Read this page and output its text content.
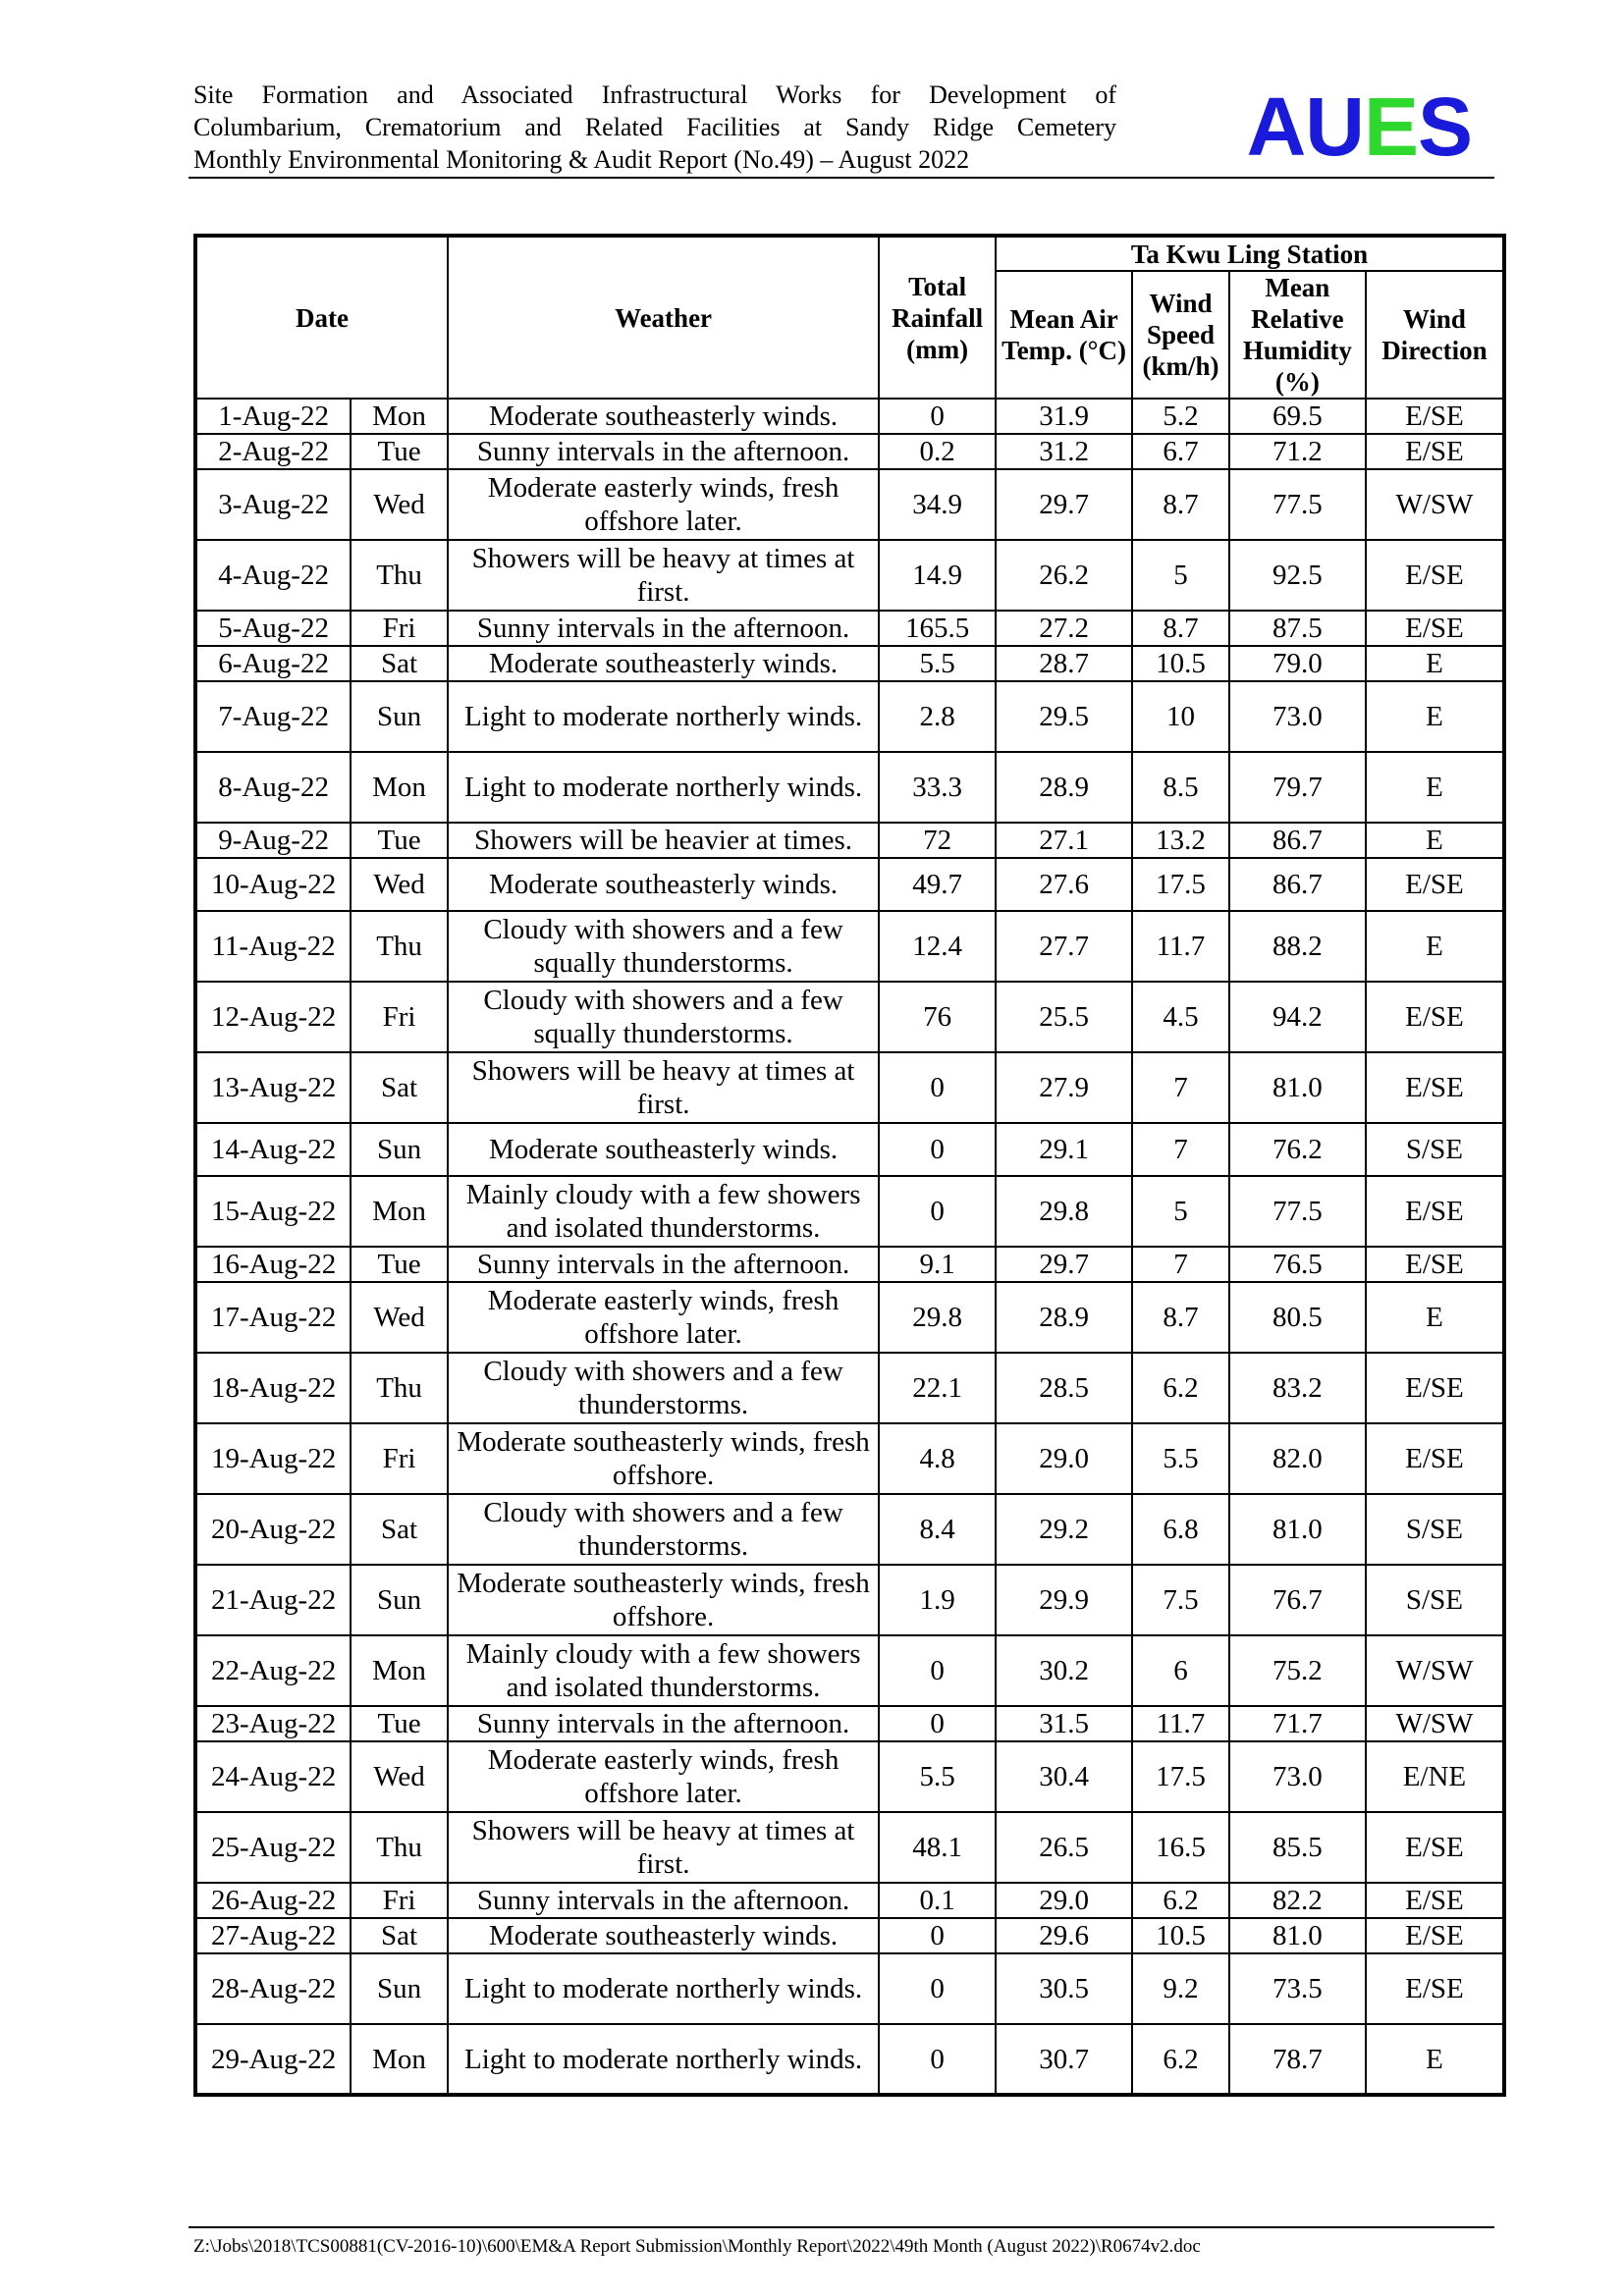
Site Formation and Associated Infrastructural Works for Development of
Columbarium, Crematorium and Related Facilities at Sandy Ridge Cemetery
Monthly Environmental Monitoring & Audit Report (No.49) – August 2022	AUES
Date		Weather	Total Rainfall (mm)	Ta Kwu Ling Station			
				Mean Air Temp. (°C)	Wind Speed (km/h)	Mean Relative Humidity (%)	Wind Direction
1-Aug-22	Mon	Moderate southeasterly winds.	0	31.9	5.2	69.5	E/SE
2-Aug-22	Tue	Sunny intervals in the afternoon.	0.2	31.2	6.7	71.2	E/SE
3-Aug-22	Wed	Moderate easterly winds, fresh offshore later.	34.9	29.7	8.7	77.5	W/SW
4-Aug-22	Thu	Showers will be heavy at times at first.	14.9	26.2	5	92.5	E/SE
5-Aug-22	Fri	Sunny intervals in the afternoon.	165.5	27.2	8.7	87.5	E/SE
6-Aug-22	Sat	Moderate southeasterly winds.	5.5	28.7	10.5	79.0	E
7-Aug-22	Sun	Light to moderate northerly winds.	2.8	29.5	10	73.0	E
8-Aug-22	Mon	Light to moderate northerly winds.	33.3	28.9	8.5	79.7	E
9-Aug-22	Tue	Showers will be heavier at times.	72	27.1	13.2	86.7	E
10-Aug-22	Wed	Moderate southeasterly winds.	49.7	27.6	17.5	86.7	E/SE
11-Aug-22	Thu	Cloudy with showers and a few squally thunderstorms.	12.4	27.7	11.7	88.2	E
12-Aug-22	Fri	Cloudy with showers and a few squally thunderstorms.	76	25.5	4.5	94.2	E/SE
13-Aug-22	Sat	Showers will be heavy at times at first.	0	27.9	7	81.0	E/SE
14-Aug-22	Sun	Moderate southeasterly winds.	0	29.1	7	76.2	S/SE
15-Aug-22	Mon	Mainly cloudy with a few showers and isolated thunderstorms.	0	29.8	5	77.5	E/SE
16-Aug-22	Tue	Sunny intervals in the afternoon.	9.1	29.7	7	76.5	E/SE
17-Aug-22	Wed	Moderate easterly winds, fresh offshore later.	29.8	28.9	8.7	80.5	E
18-Aug-22	Thu	Cloudy with showers and a few thunderstorms.	22.1	28.5	6.2	83.2	E/SE
19-Aug-22	Fri	Moderate southeasterly winds, fresh offshore.	4.8	29.0	5.5	82.0	E/SE
20-Aug-22	Sat	Cloudy with showers and a few thunderstorms.	8.4	29.2	6.8	81.0	S/SE
21-Aug-22	Sun	Moderate southeasterly winds, fresh offshore.	1.9	29.9	7.5	76.7	S/SE
22-Aug-22	Mon	Mainly cloudy with a few showers and isolated thunderstorms.	0	30.2	6	75.2	W/SW
23-Aug-22	Tue	Sunny intervals in the afternoon.	0	31.5	11.7	71.7	W/SW
24-Aug-22	Wed	Moderate easterly winds, fresh offshore later.	5.5	30.4	17.5	73.0	E/NE
25-Aug-22	Thu	Showers will be heavy at times at first.	48.1	26.5	16.5	85.5	E/SE
26-Aug-22	Fri	Sunny intervals in the afternoon.	0.1	29.0	6.2	82.2	E/SE
27-Aug-22	Sat	Moderate southeasterly winds.	0	29.6	10.5	81.0	E/SE
28-Aug-22	Sun	Light to moderate northerly winds.	0	30.5	9.2	73.5	E/SE
29-Aug-22	Mon	Light to moderate northerly winds.	0	30.7	6.2	78.7	E
Z:\Jobs\2018\TCS00881(CV-2016-10)\600\EM&A Report Submission\Monthly Report\2022\49th Month (August 2022)\R0674v2.doc
